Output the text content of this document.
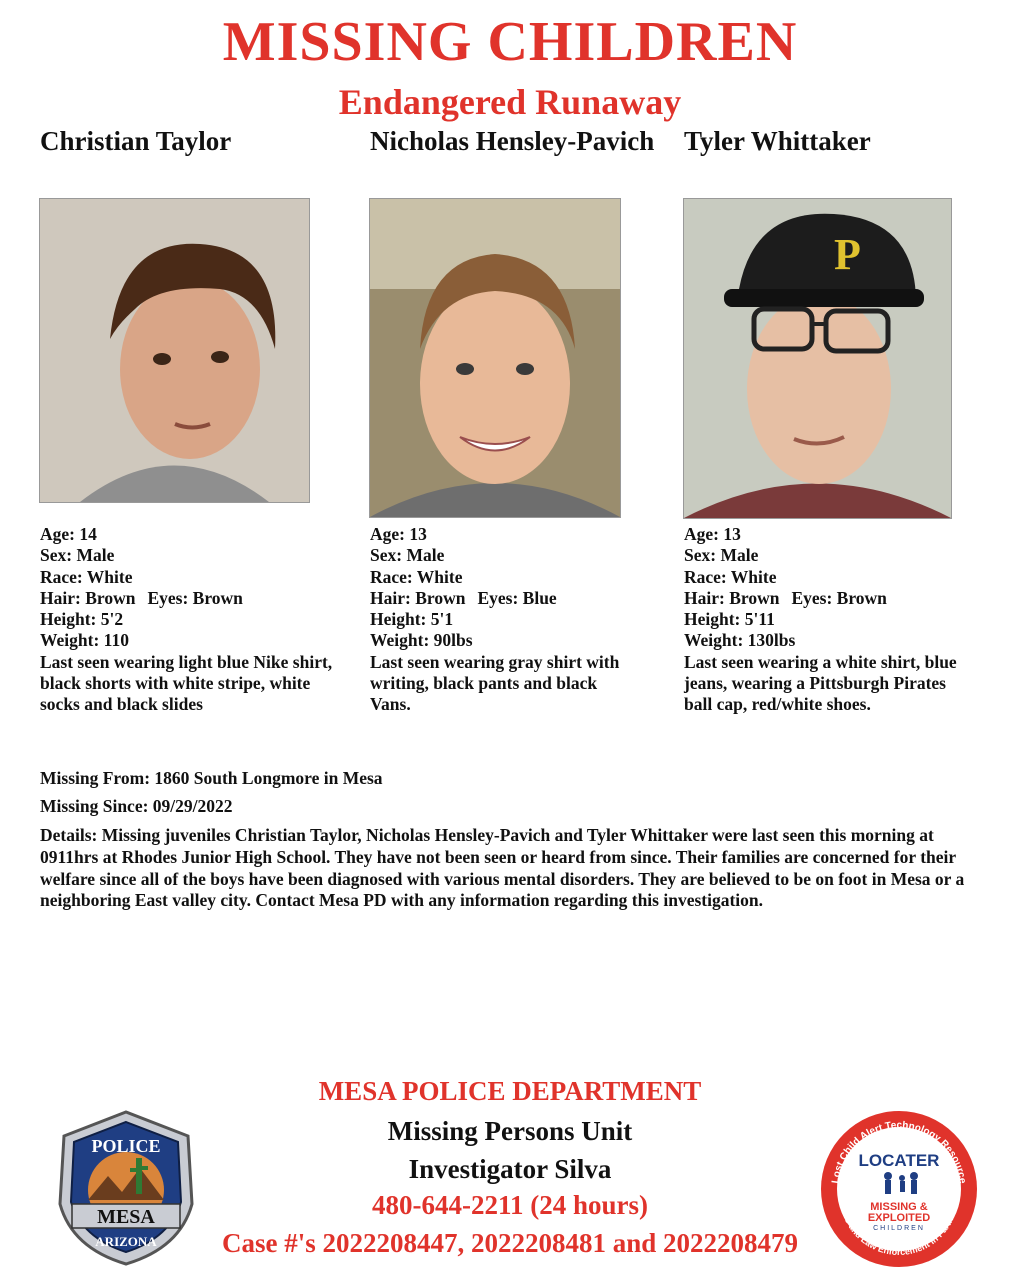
MISSING CHILDREN
Endangered Runaway
Christian Taylor	Nicholas Hensley-Pavich Tyler Whittaker
P
Age: 14
Sex: Male
Race: White
Hair: Brown Eyes: Brown
Height: 5'2
Weight: 110
Last seen wearing light blue Nike shirt, black shorts with white stripe, white socks and black slides
Age: 13
Sex: Male
Race: White
Hair: Brown Eyes: Blue
Height: 5'1
Weight: 90lbs
Last seen wearing gray shirt with writing, black pants and black Vans.
Age: 13
Sex: Male
Race: White
Hair: Brown Eyes: Brown
Height: 5'11
Weight: 130lbs
Last seen wearing a white shirt, blue jeans, wearing a Pittsburgh Pirates ball cap, red/white shoes.
Missing From: 1860 South Longmore in Mesa
Missing Since: 09/29/2022
Details: Missing juveniles Christian Taylor, Nicholas Hensley-Pavich and Tyler Whittaker were last seen this morning at 0911hrs at Rhodes Junior High School. They have not been seen or heard from since. Their families are concerned for their welfare since all of the boys have been diagnosed with various mental disorders. They are believed to be on foot in Mesa or a neighboring East valley city. Contact Mesa PD with any information regarding this investigation.
MESA POLICE DEPARTMENT
Missing Persons Unit
Investigator Silva
480-644-2211 (24 hours)
Case #'s 2022208447, 2022208481 and 2022208479
POLICE
MESA
ARIZONA
Lost Child Alert Technology Resource
CMEC and Law Enforcement in Partnershi
LOCATER
MISSING &
EXPLOITED
CHILDREN
